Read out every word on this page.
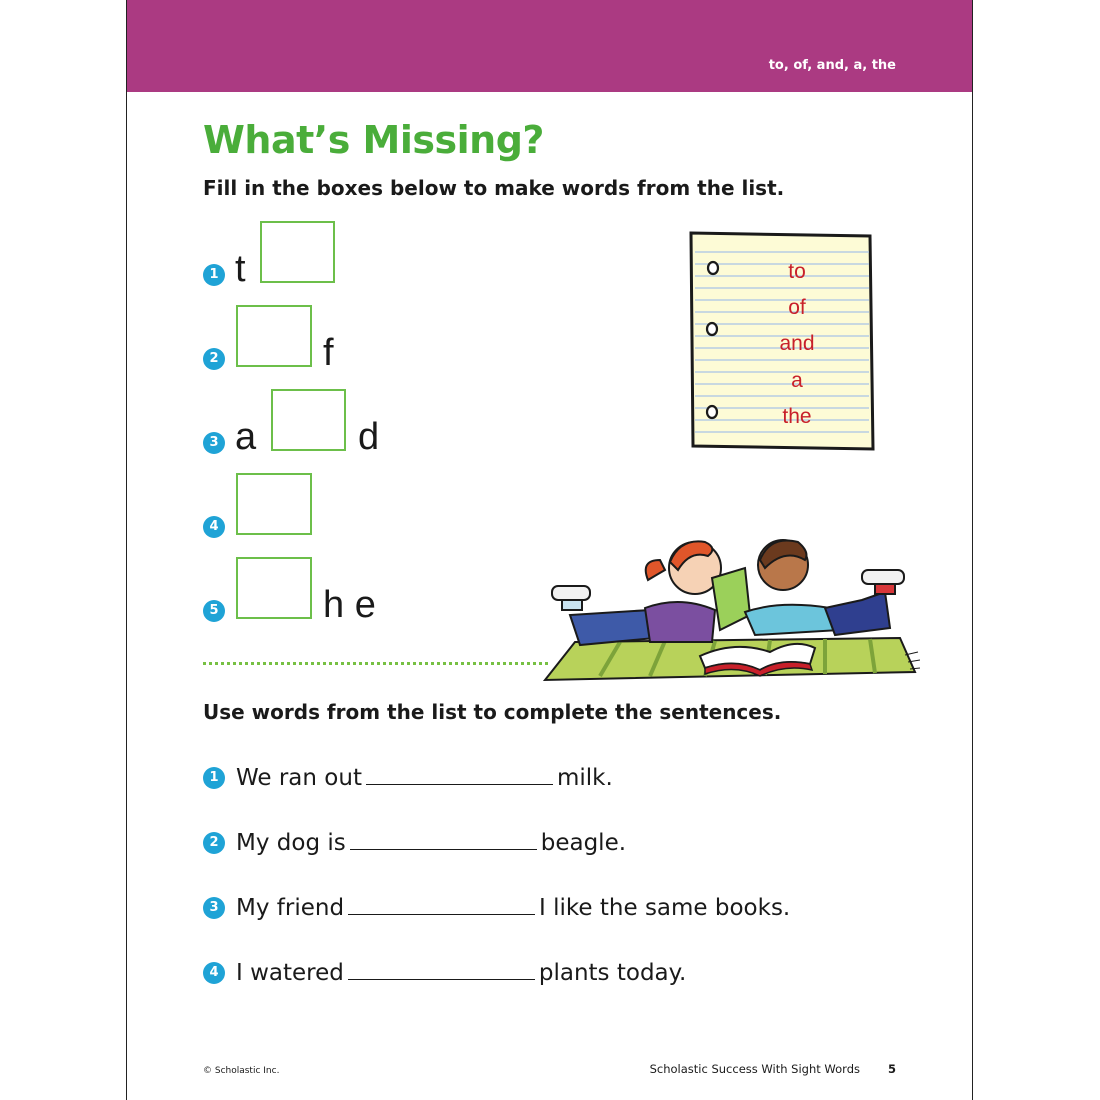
to, of, and, a, the
What’s Missing?
Fill in the boxes below to make words from the list.
1 t
2	f
3 a	d
4
5	h e
to
of
and
a
the
Use words from the list to complete the sentences.
1 We ran out	milk.
2 My dog is	beagle.
3 My friend	I like the same books.
4 I watered	plants today.
© Scholastic Inc.	Scholastic Success With Sight Words 5
